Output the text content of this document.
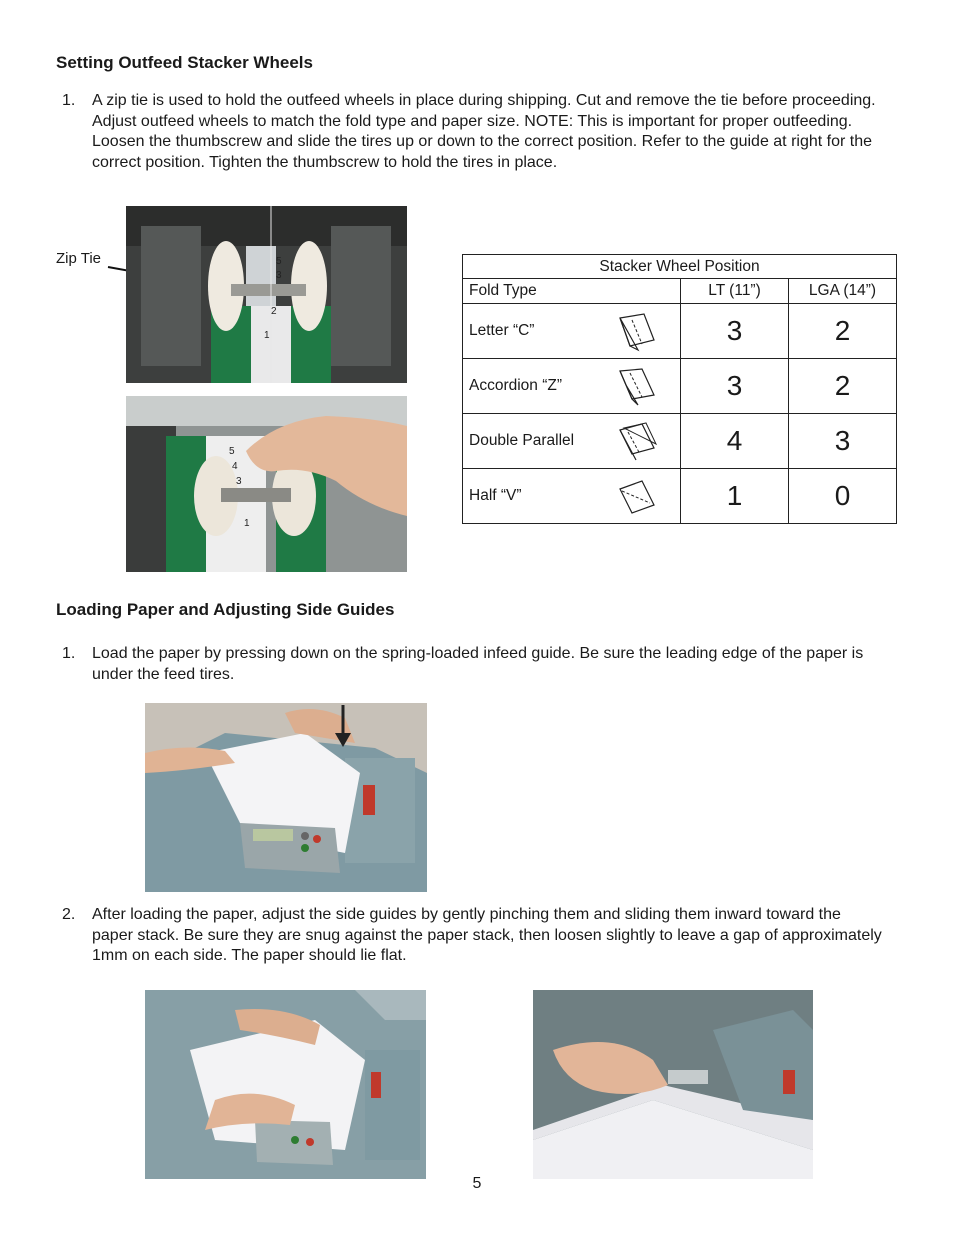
Setting Outfeed Stacker Wheels
1. A zip tie is used to hold the outfeed wheels in place during shipping. Cut and remove the tie before proceeding. Adjust outfeed wheels to match the fold type and paper size. NOTE: This is important for proper outfeeding. Loosen the thumbscrew and slide the tires up or down to the correct position. Refer to the guide at right for the correct position. Tighten the thumbscrew to hold the tires in place.
Zip Tie	5
3
2
1
5
4
3
1
Stacker Wheel Position		
Fold Type	LT (11”)	LGA (14”)
Letter “C”	3	2
Accordion “Z”	3	2
Double Parallel	4	3
Half “V”	1	0
Loading Paper and Adjusting Side Guides
1. Load the paper by pressing down on the spring-loaded infeed guide. Be sure the leading edge of the paper is under the feed tires.
2. After loading the paper, adjust the side guides by gently pinching them and sliding them inward toward the paper stack. Be sure they are snug against the paper stack, then loosen slightly to leave a gap of approximately 1mm on each side. The paper should lie flat.
5
